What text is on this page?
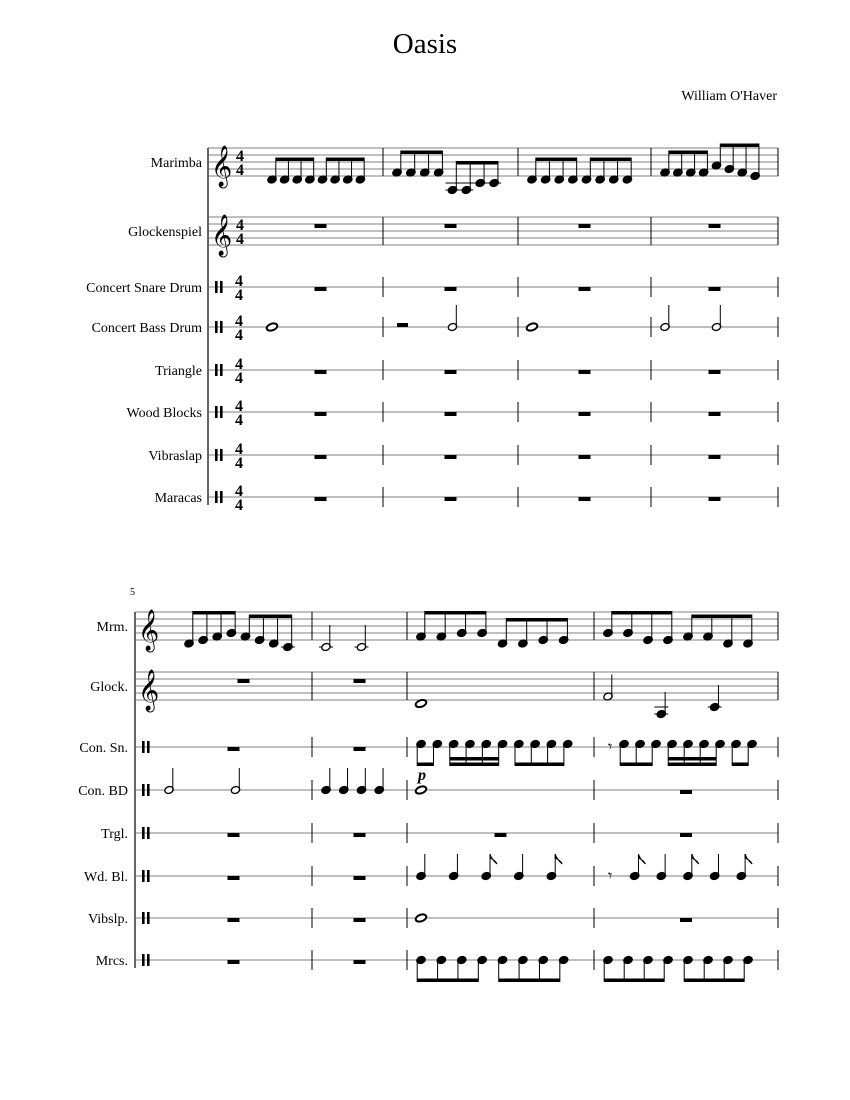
Oasis
William O'Haver
Marimba 𝄞 4
4
Glockenspiel 𝄞 4
4
Concert Snare Drum 4
4
Concert Bass Drum 4
4
Triangle 4
4
Wood Blocks 4
4
Vibraslap 4
4
Maracas 4
4
5
Mrm. 𝄞
Glock. 𝄞
Con. Sn.	𝄾
Con. BD
Trgl.
Wd. Bl.	𝄾
Vibslp.
Mrcs.
p
